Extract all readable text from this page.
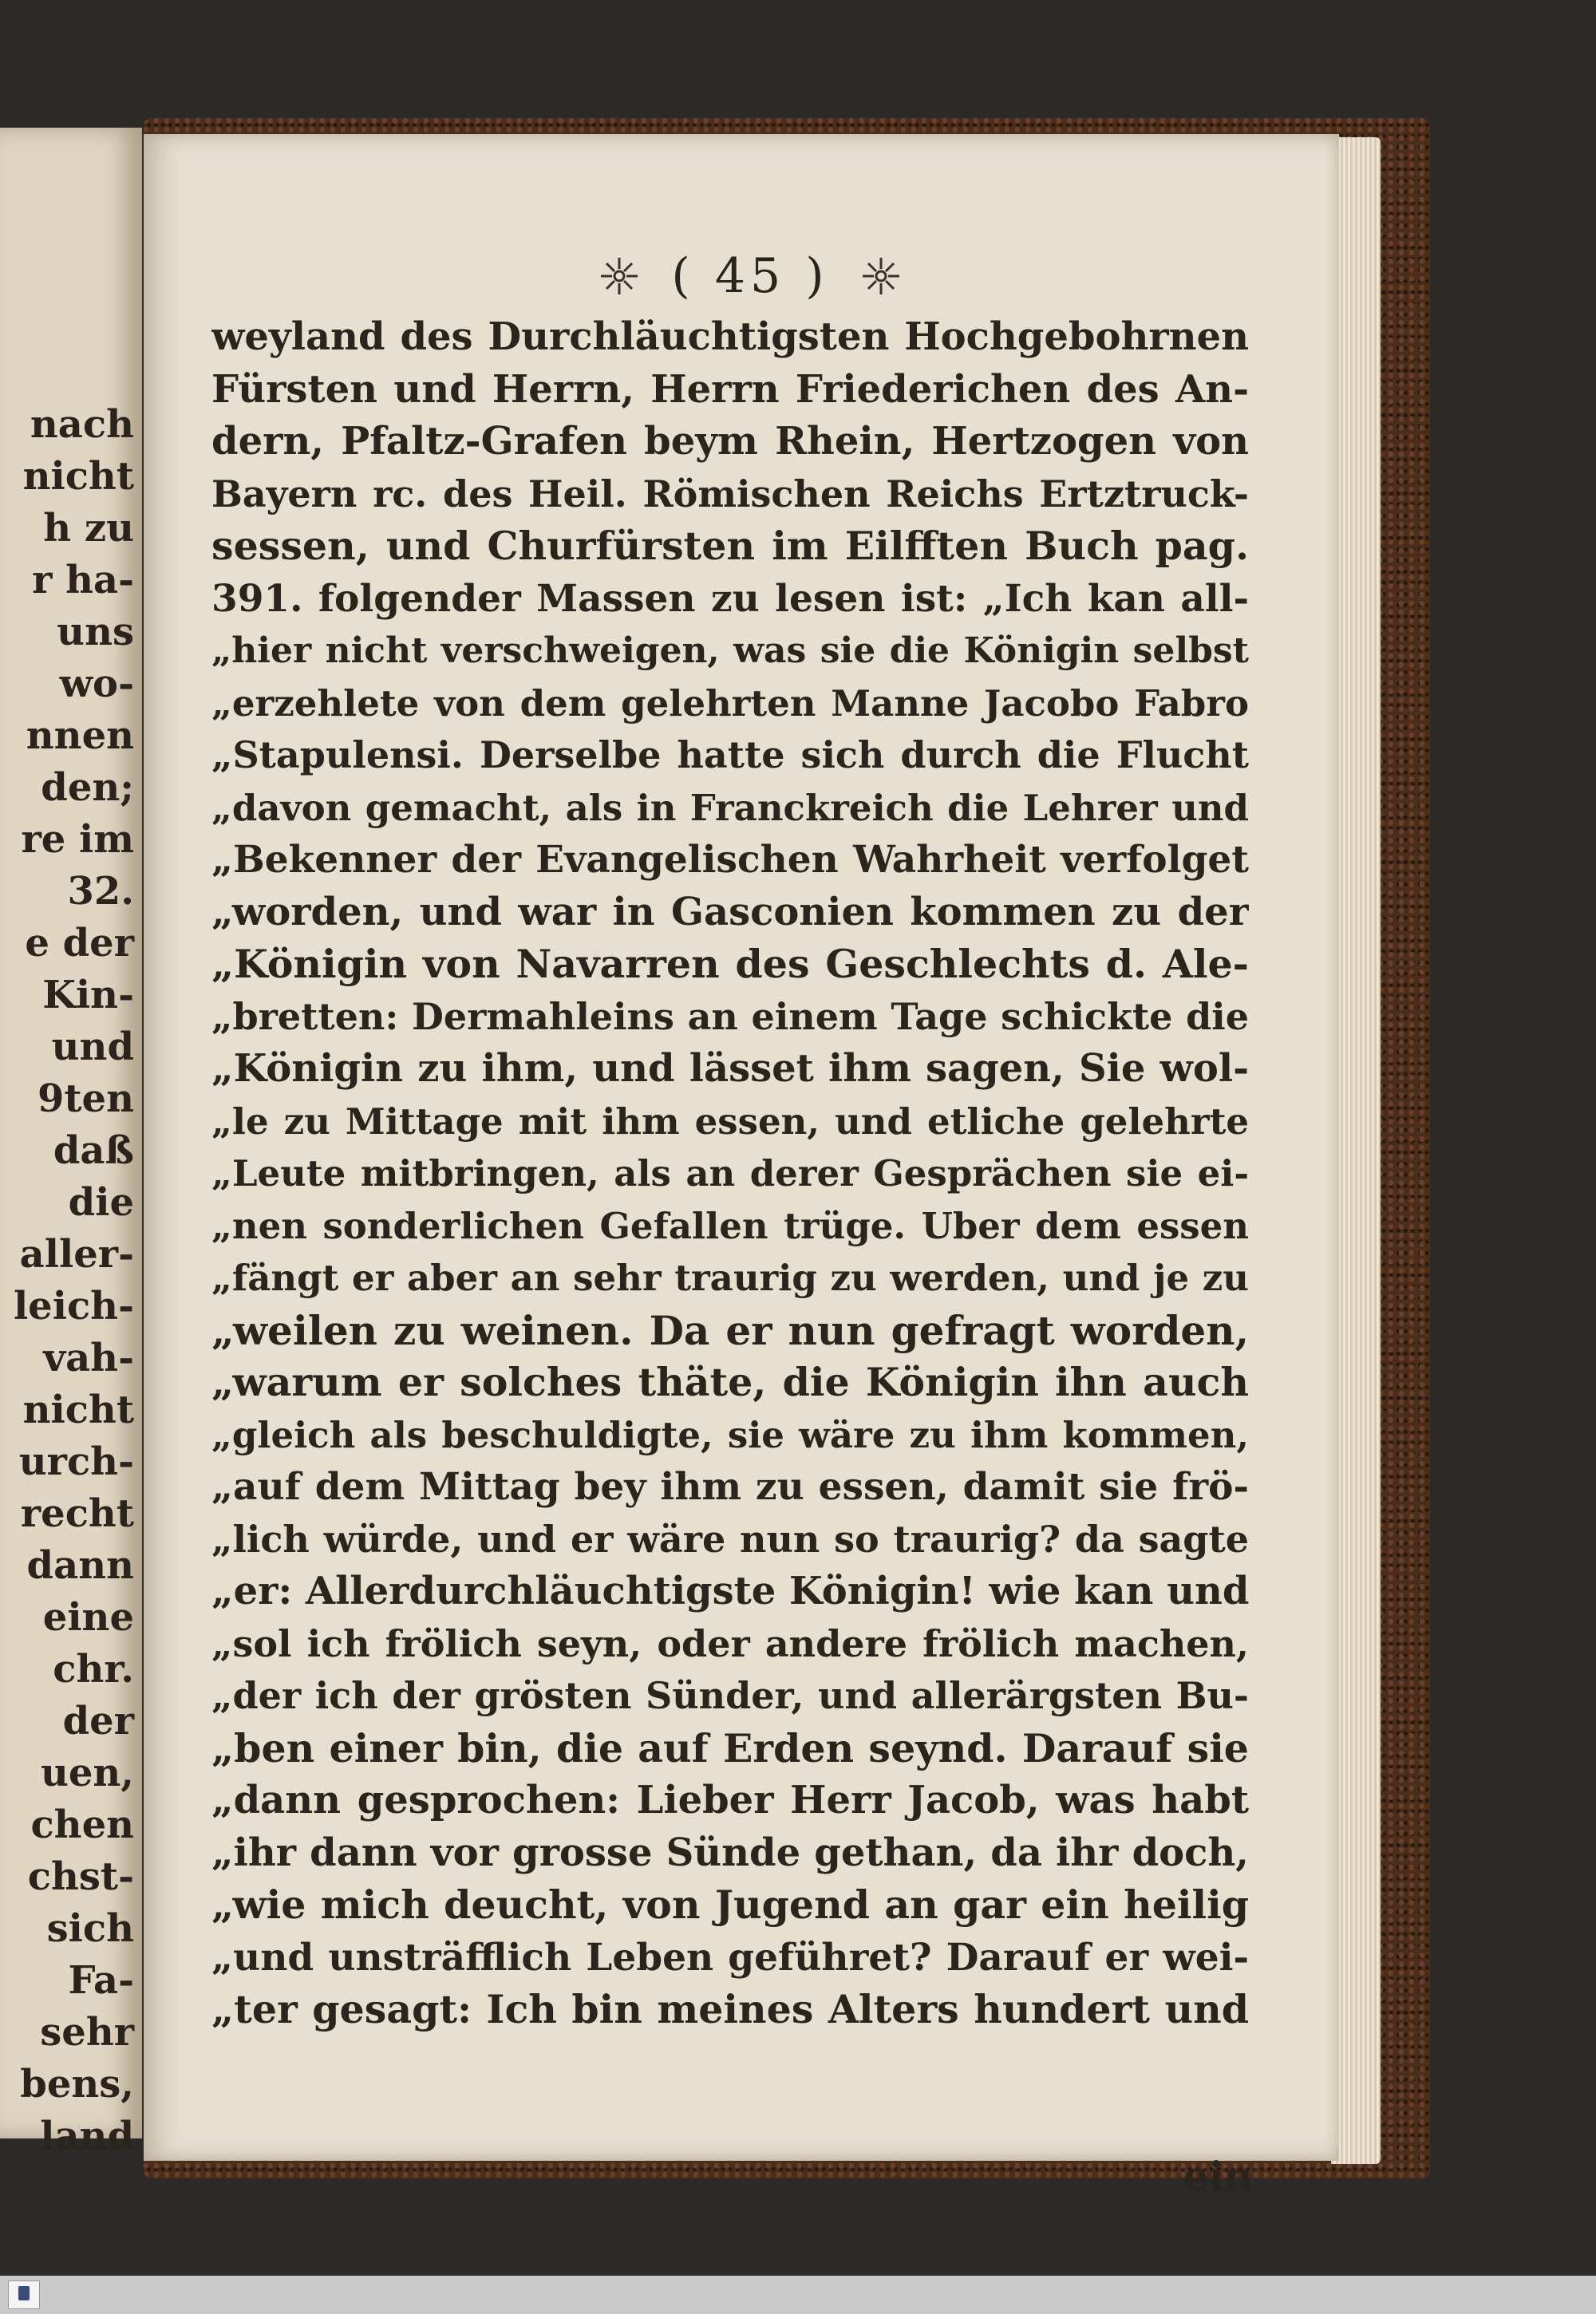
nach
nicht
h zu
r ha-
uns
wo-
nnen
den;
re im
32.
e der
Kin-
und
9ten
daß
die
aller-
leich-
vah-
nicht
urch-
recht
dann
eine
chr.
der
uen,
chen
chst-
sich
Fa-
sehr
bens,
land
( 45 )
weyland des Durchläuchtigsten Hochgebohrnen
Fürsten und Herrn, Herrn Friederichen des An-
dern, Pfaltz-Grafen beym Rhein, Hertzogen von
Bayern rc. des Heil. Römischen Reichs Ertztruck-
sessen, und Churfürsten im Eilfften Buch pag.
391. folgender Massen zu lesen ist: „Ich kan all-
„hier nicht verschweigen, was sie die Königin selbst
„erzehlete von dem gelehrten Manne Jacobo Fabro
„Stapulensi. Derselbe hatte sich durch die Flucht
„davon gemacht, als in Franckreich die Lehrer und
„Bekenner der Evangelischen Wahrheit verfolget
„worden, und war in Gasconien kommen zu der
„Königin von Navarren des Geschlechts d. Ale-
„bretten: Dermahleins an einem Tage schickte die
„Königin zu ihm, und lässet ihm sagen, Sie wol-
„le zu Mittage mit ihm essen, und etliche gelehrte
„Leute mitbringen, als an derer Gesprächen sie ei-
„nen sonderlichen Gefallen trüge. Uber dem essen
„fängt er aber an sehr traurig zu werden, und je zu
„weilen zu weinen. Da er nun gefragt worden,
„warum er solches thäte, die Königin ihn auch
„gleich als beschuldigte, sie wäre zu ihm kommen,
„auf dem Mittag bey ihm zu essen, damit sie frö-
„lich würde, und er wäre nun so traurig? da sagte
„er: Allerdurchläuchtigste Königin! wie kan und
„sol ich frölich seyn, oder andere frölich machen,
„der ich der grösten Sünder, und allerärgsten Bu-
„ben einer bin, die auf Erden seynd. Darauf sie
„dann gesprochen: Lieber Herr Jacob, was habt
„ihr dann vor grosse Sünde gethan, da ihr doch,
„wie mich deucht, von Jugend an gar ein heilig
„und unsträfflich Leben geführet? Darauf er wei-
„ter gesagt: Ich bin meines Alters hundert und
ein
